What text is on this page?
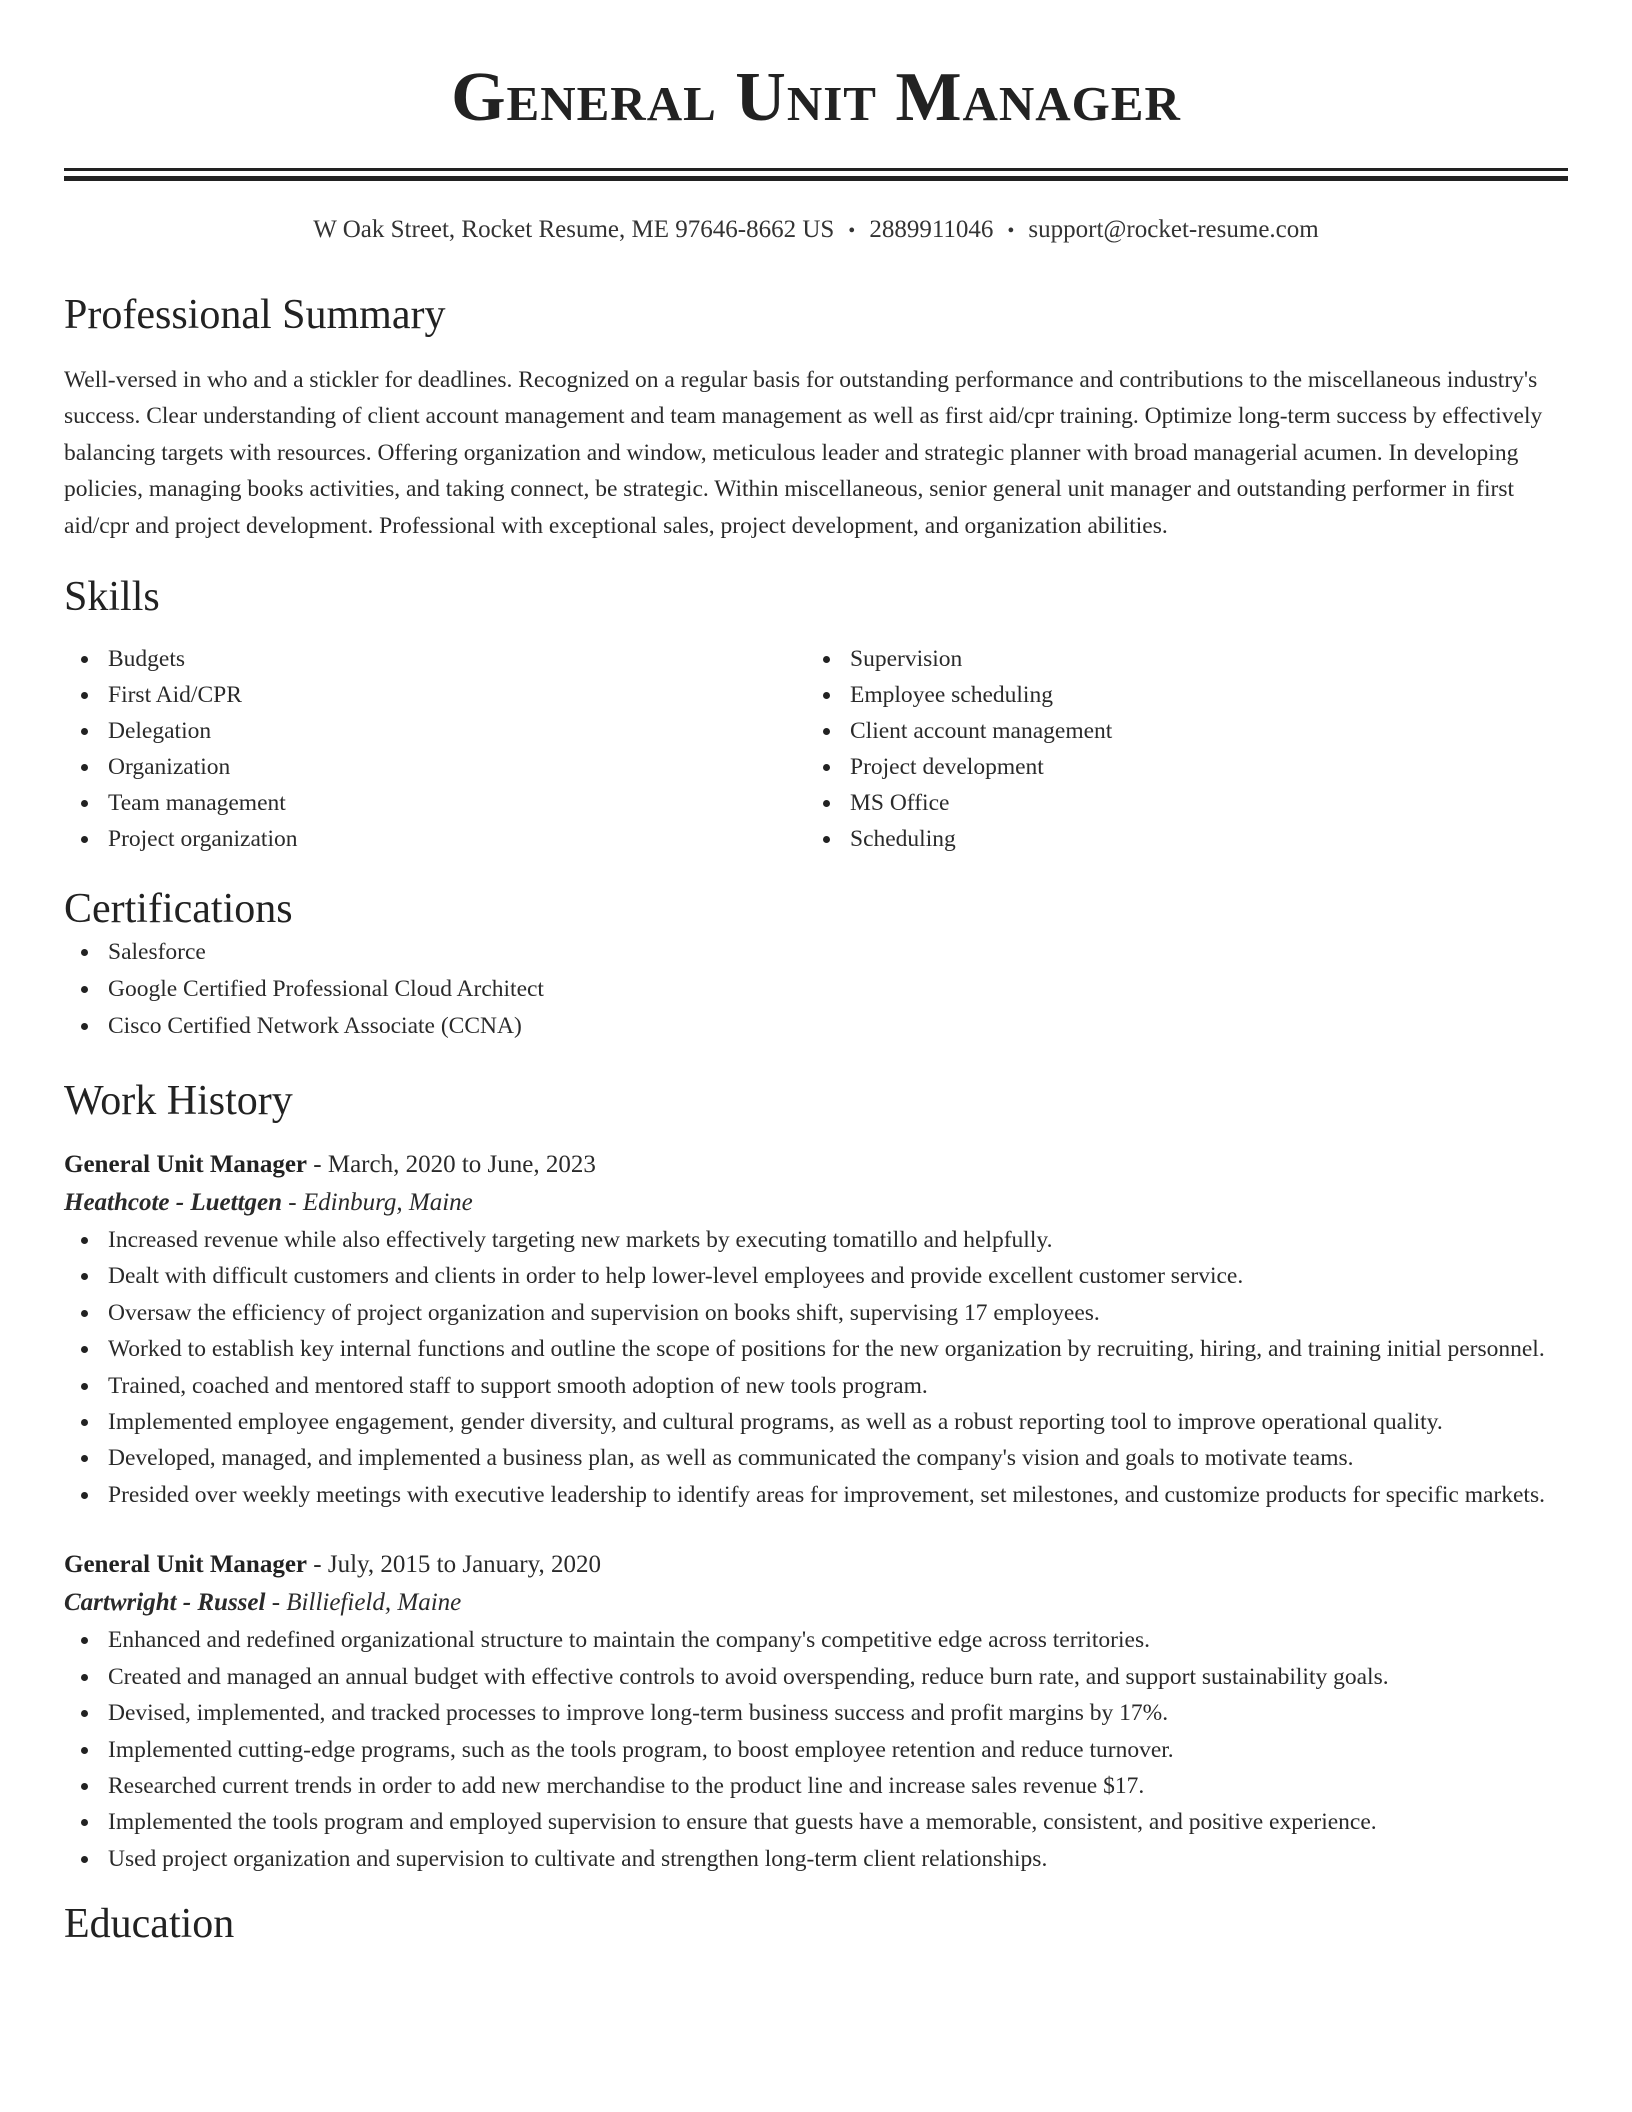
General Unit Manager
W Oak Street, Rocket Resume, ME 97646-8662 US • 2889911046 • support@rocket-resume.com
Professional Summary

Well-versed in who and a stickler for deadlines. Recognized on a regular basis for outstanding performance and contributions to the miscellaneous industry's success. Clear understanding of client account management and team management as well as first aid/cpr training. Optimize long-term success by effectively balancing targets with resources. Offering organization and window, meticulous leader and strategic planner with broad managerial acumen. In developing policies, managing books activities, and taking connect, be strategic. Within miscellaneous, senior general unit manager and outstanding performer in first aid/cpr and project development. Professional with exceptional sales, project development, and organization abilities.

Skills
Budgets
First Aid/CPR
Delegation
Organization
Team management
Project organization
Supervision
Employee scheduling
Client account management
Project development
MS Office
Scheduling
Certifications
Salesforce
Google Certified Professional Cloud Architect
Cisco Certified Network Associate (CCNA)
Work History
General Unit Manager - March, 2020 to June, 2023
Heathcote - Luettgen - Edinburg, Maine
Increased revenue while also effectively targeting new markets by executing tomatillo and helpfully.
Dealt with difficult customers and clients in order to help lower-level employees and provide excellent customer service.
Oversaw the efficiency of project organization and supervision on books shift, supervising 17 employees.
Worked to establish key internal functions and outline the scope of positions for the new organization by recruiting, hiring, and training initial personnel.
Trained, coached and mentored staff to support smooth adoption of new tools program.
Implemented employee engagement, gender diversity, and cultural programs, as well as a robust reporting tool to improve operational quality.
Developed, managed, and implemented a business plan, as well as communicated the company's vision and goals to motivate teams.
Presided over weekly meetings with executive leadership to identify areas for improvement, set milestones, and customize products for specific markets.
General Unit Manager - July, 2015 to January, 2020
Cartwright - Russel - Billiefield, Maine
Enhanced and redefined organizational structure to maintain the company's competitive edge across territories.
Created and managed an annual budget with effective controls to avoid overspending, reduce burn rate, and support sustainability goals.
Devised, implemented, and tracked processes to improve long-term business success and profit margins by 17%.
Implemented cutting-edge programs, such as the tools program, to boost employee retention and reduce turnover.
Researched current trends in order to add new merchandise to the product line and increase sales revenue $17.
Implemented the tools program and employed supervision to ensure that guests have a memorable, consistent, and positive experience.
Used project organization and supervision to cultivate and strengthen long-term client relationships.
Education
